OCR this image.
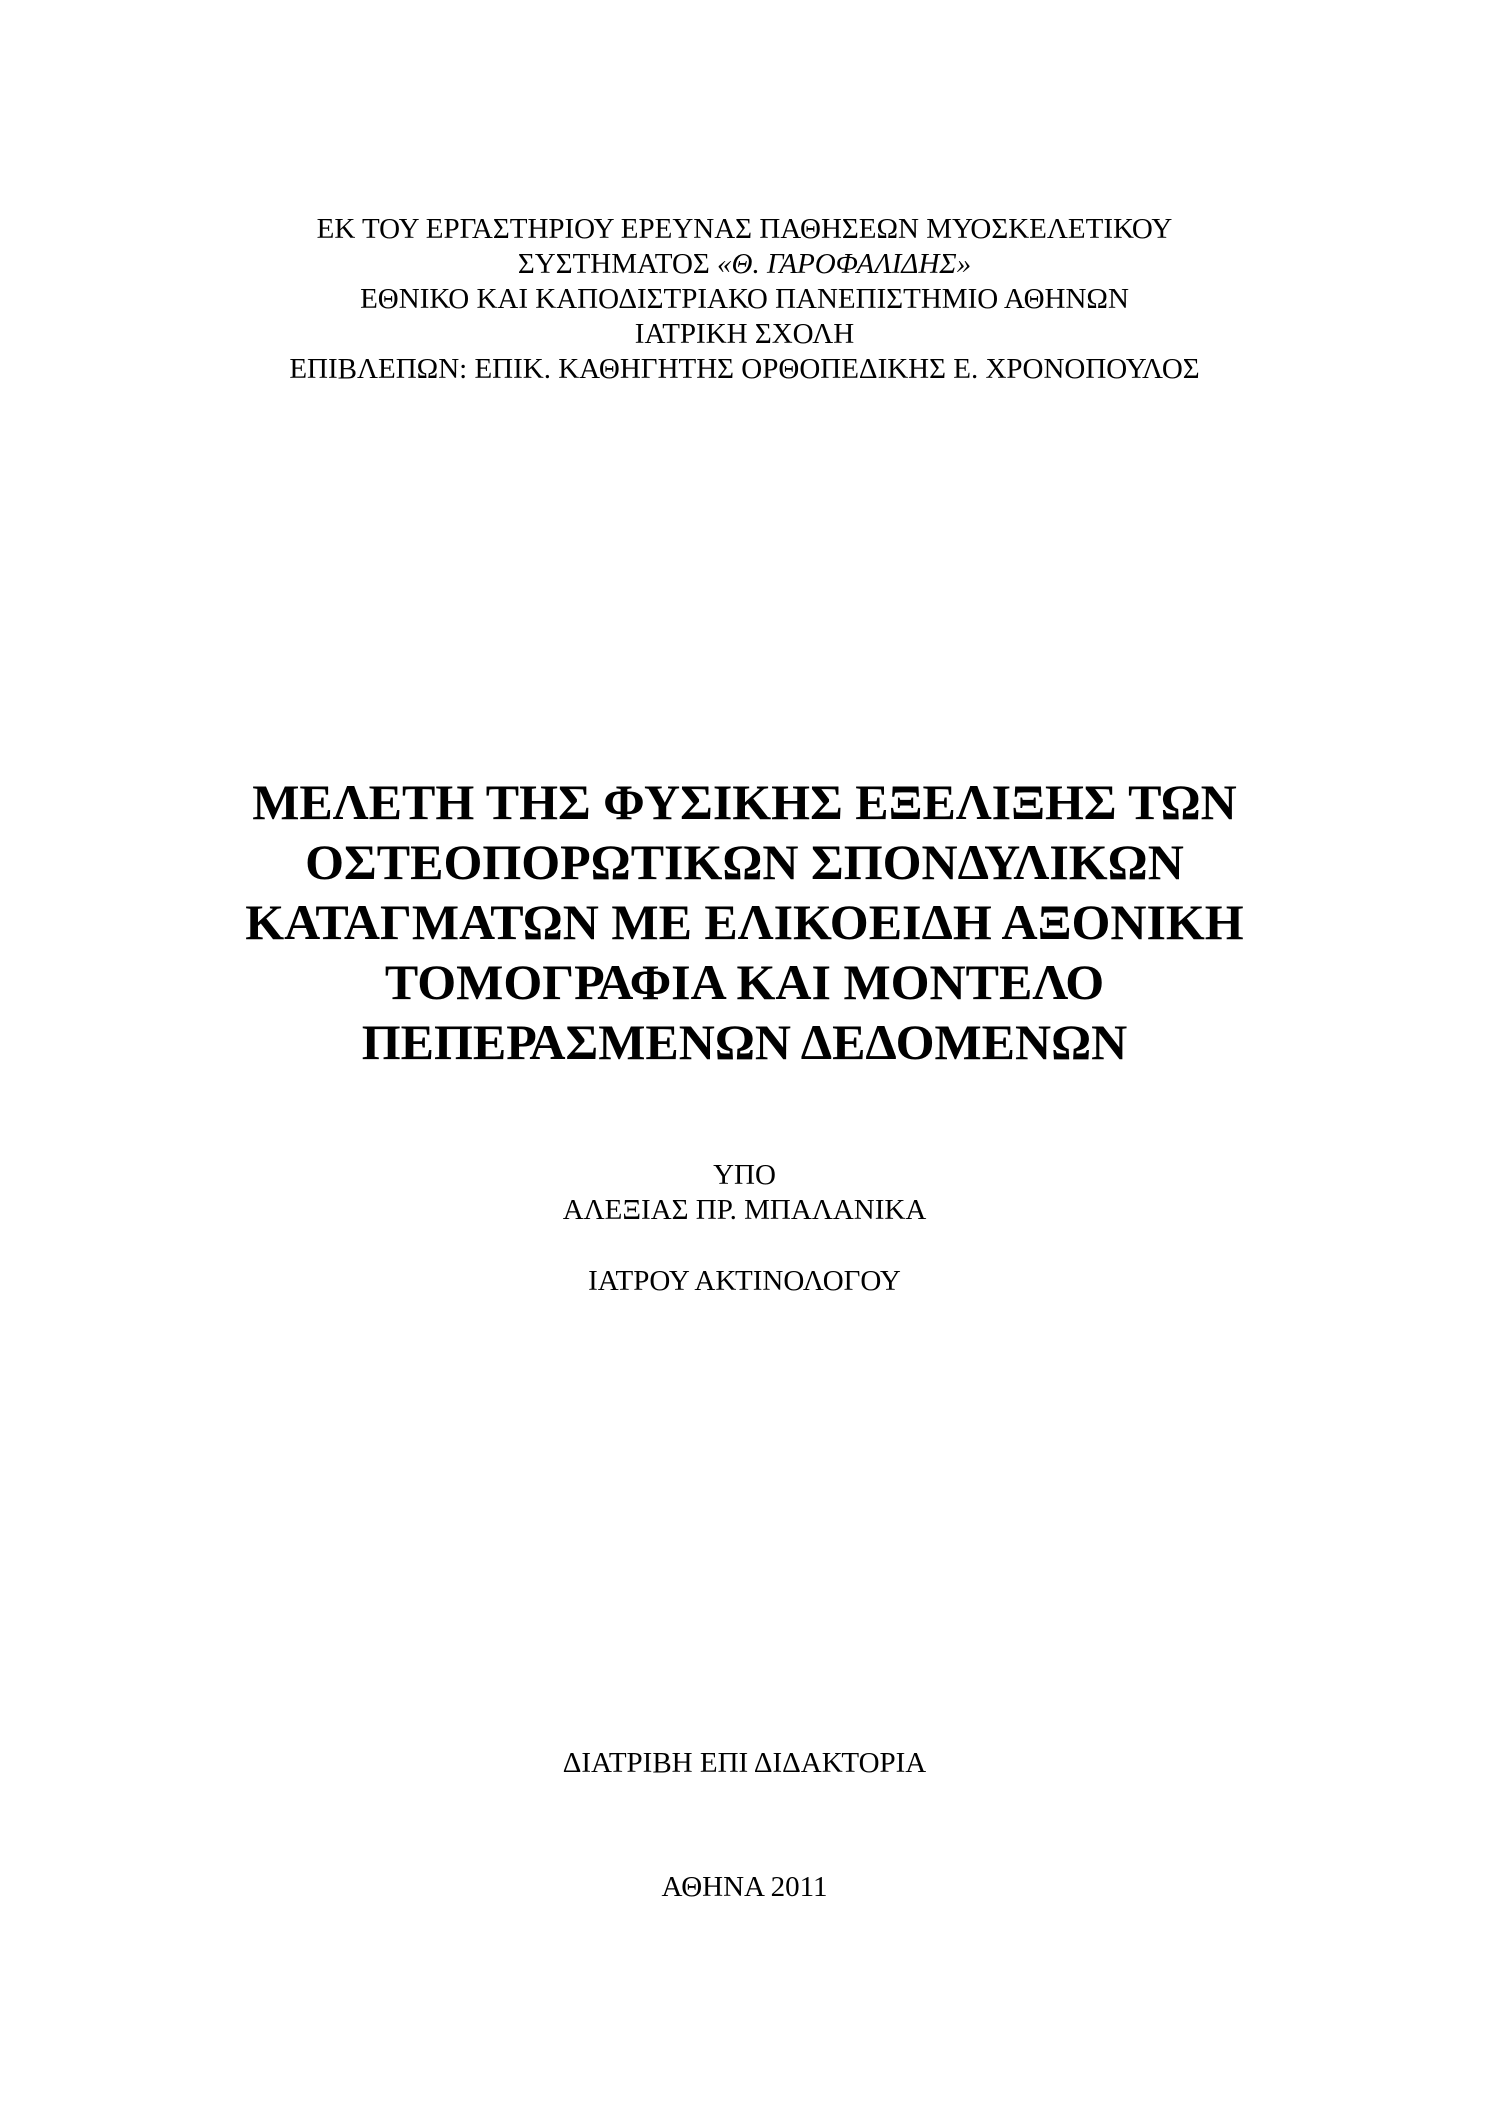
ΕΚ ΤΟΥ ΕΡΓΑΣΤΗΡΙΟΥ ΕΡΕΥΝΑΣ ΠΑΘΗΣΕΩΝ ΜΥΟΣΚΕΛΕΤΙΚΟΥ
ΣΥΣΤΗΜΑΤΟΣ «Θ. ΓΑΡΟΦΑΛΙΔΗΣ»
ΕΘΝΙΚΟ ΚΑΙ ΚΑΠΟΔΙΣΤΡΙΑΚΟ ΠΑΝΕΠΙΣΤΗΜΙΟ ΑΘΗΝΩΝ
ΙΑΤΡΙΚΗ ΣΧΟΛΗ
ΕΠΙΒΛΕΠΩΝ: ΕΠΙΚ. ΚΑΘΗΓΗΤΗΣ ΟΡΘΟΠΕΔΙΚΗΣ Ε. ΧΡΟΝΟΠΟΥΛΟΣ
ΜΕΛΕΤΗ ΤΗΣ ΦΥΣΙΚΗΣ ΕΞΕΛΙΞΗΣ ΤΩΝ
ΟΣΤΕΟΠΟΡΩΤΙΚΩΝ ΣΠΟΝΔΥΛΙΚΩΝ
ΚΑΤΑΓΜΑΤΩΝ ΜΕ ΕΛΙΚΟΕΙΔΗ ΑΞΟΝΙΚΗ
ΤΟΜΟΓΡΑΦΙΑ ΚΑΙ ΜΟΝΤΕΛΟ
ΠΕΠΕΡΑΣΜΕΝΩΝ ΔΕΔΟΜΕΝΩΝ
ΥΠΟ
ΑΛΕΞΙΑΣ ΠΡ. ΜΠΑΛΑΝΙΚΑ
ΙΑΤΡΟΥ ΑΚΤΙΝΟΛΟΓΟΥ
ΔΙΑΤΡΙΒΗ ΕΠΙ ΔΙΔΑΚΤΟΡΙΑ
ΑΘΗΝΑ 2011
